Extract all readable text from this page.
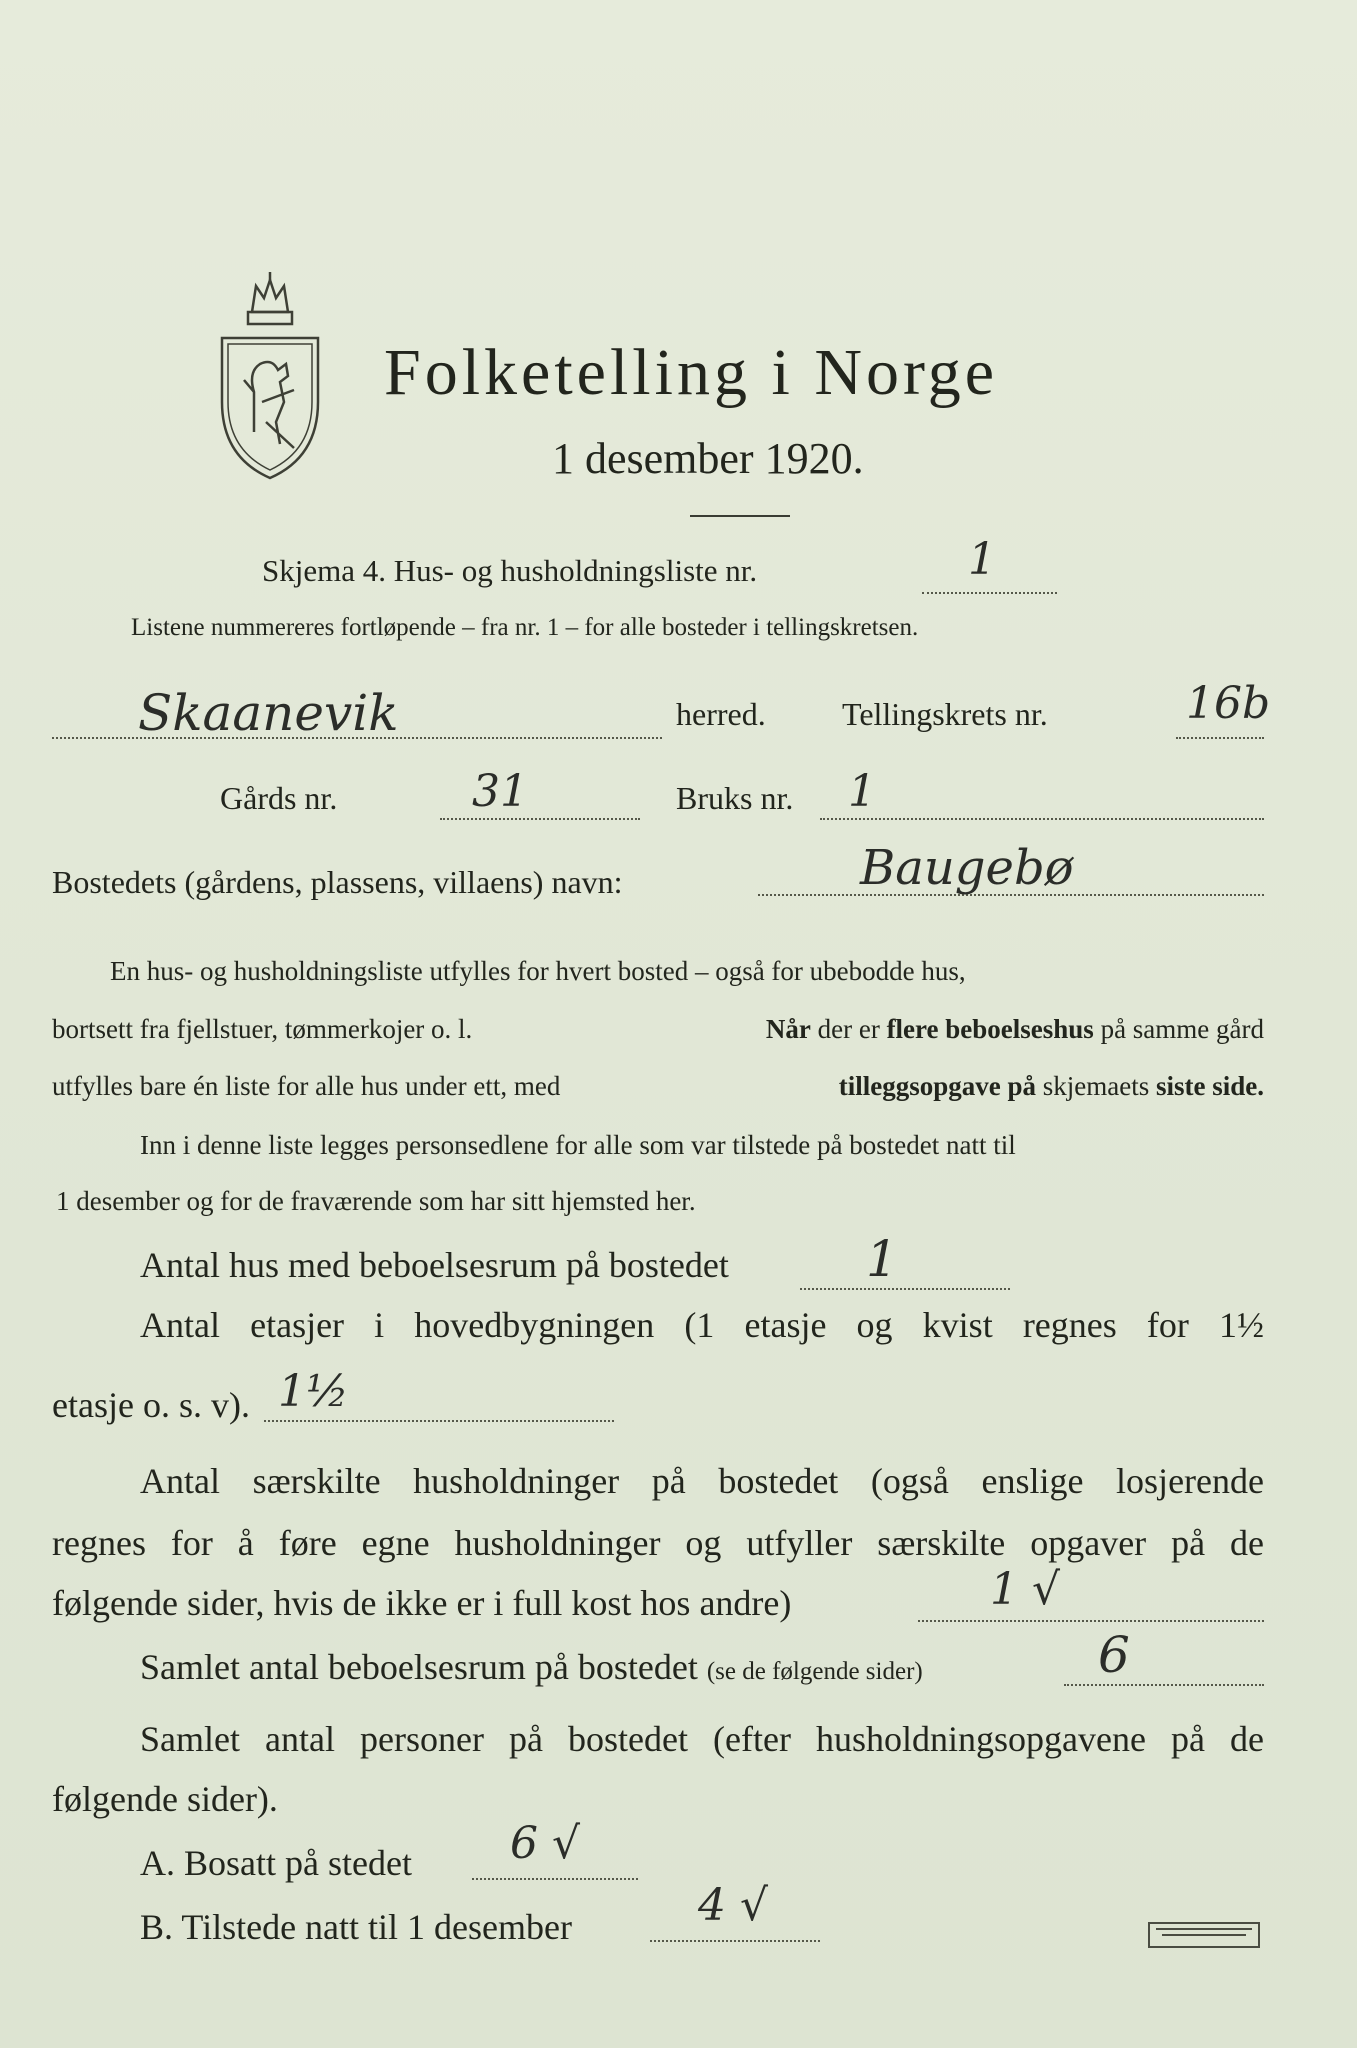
Folketelling i Norge
1 desember 1920.
Skjema 4. Hus- og husholdningsliste nr.	1
Listene nummereres fortløpende – fra nr. 1 – for alle bosteder i tellingskretsen.
Skaanevik	herred. Tellingskrets nr.	16b
Gårds nr.	31	Bruks nr. 1
Bostedets (gårdens, plassens, villaens) navn:	Baugebø
En hus- og husholdningsliste utfylles for hvert bosted – også for ubebodde hus,
bortsett fra fjellstuer, tømmerkojer o. l.	Når der er flere beboelseshus på samme gård
utfylles bare én liste for alle hus under ett, med	tilleggsopgave på skjemaets siste side.
Inn i denne liste legges personsedlene for alle som var tilstede på bostedet natt til
1 desember og for de fraværende som har sitt hjemsted her.
Antal hus med beboelsesrum på bostedet	1
Antal etasjer i hovedbygningen (1 etasje og kvist regnes for 1½
etasje o. s. v). 1½
Antal særskilte husholdninger på bostedet (også enslige losjerende
regnes for å føre egne husholdninger og utfyller særskilte opgaver på de
følgende sider, hvis de ikke er i full kost hos andre)	1 √
Samlet antal beboelsesrum på bostedet (se de følgende sider)	6
Samlet antal personer på bostedet (efter husholdningsopgavene på de
følgende sider).
A. Bosatt på stedet 6 √
B. Tilstede natt til 1 desember	4 √
